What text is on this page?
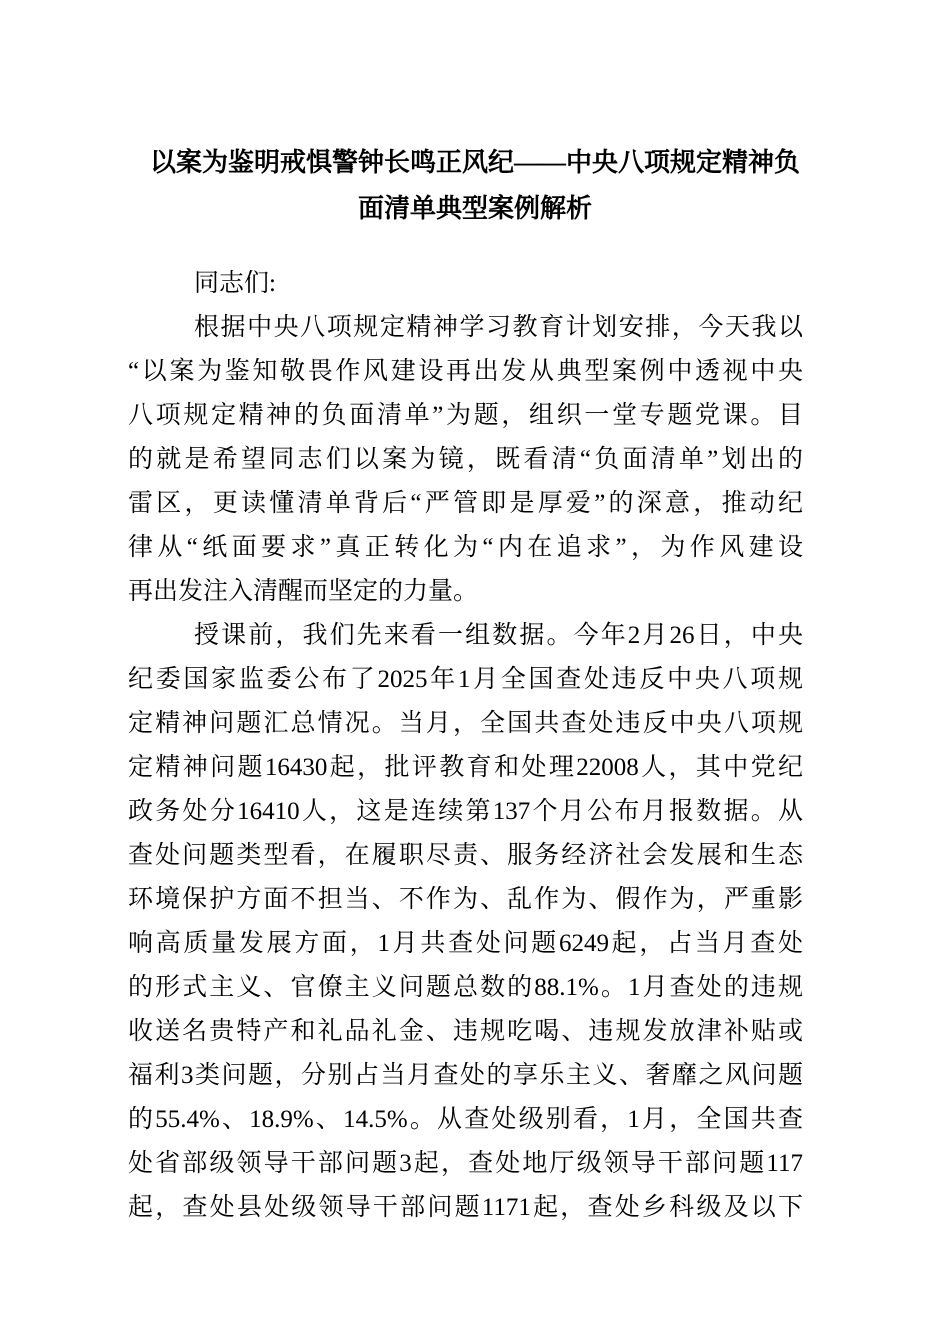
以案为鉴明戒惧警钟长鸣正风纪——中央八项规定精神负面清单典型案例解析
同志们:
根据中央八项规定精神学习教育计划安排，今天我以
“以案为鉴知敬畏作风建设再出发从典型案例中透视中央
八项规定精神的负面清单”为题，组织一堂专题党课。目
的就是希望同志们以案为镜，既看清“负面清单”划出的
雷区，更读懂清单背后“严管即是厚爱”的深意，推动纪
律从“纸面要求”真正转化为“内在追求”，为作风建设
再出发注入清醒而坚定的力量。
授课前，我们先来看一组数据。今年2月26日，中央
纪委国家监委公布了2025年1月全国查处违反中央八项规
定精神问题汇总情况。当月，全国共查处违反中央八项规
定精神问题16430起，批评教育和处理22008人，其中党纪
政务处分16410人，这是连续第137个月公布月报数据。从
查处问题类型看，在履职尽责、服务经济社会发展和生态
环境保护方面不担当、不作为、乱作为、假作为，严重影
响高质量发展方面，1月共查处问题6249起，占当月查处
的形式主义、官僚主义问题总数的88.1%。1月查处的违规
收送名贵特产和礼品礼金、违规吃喝、违规发放津补贴或
福利3类问题，分别占当月查处的享乐主义、奢靡之风问题
的55.4%、18.9%、14.5%。从查处级别看，1月，全国共查
处省部级领导干部问题3起，查处地厅级领导干部问题117
起，查处县处级领导干部问题1171起，查处乡科级及以下
